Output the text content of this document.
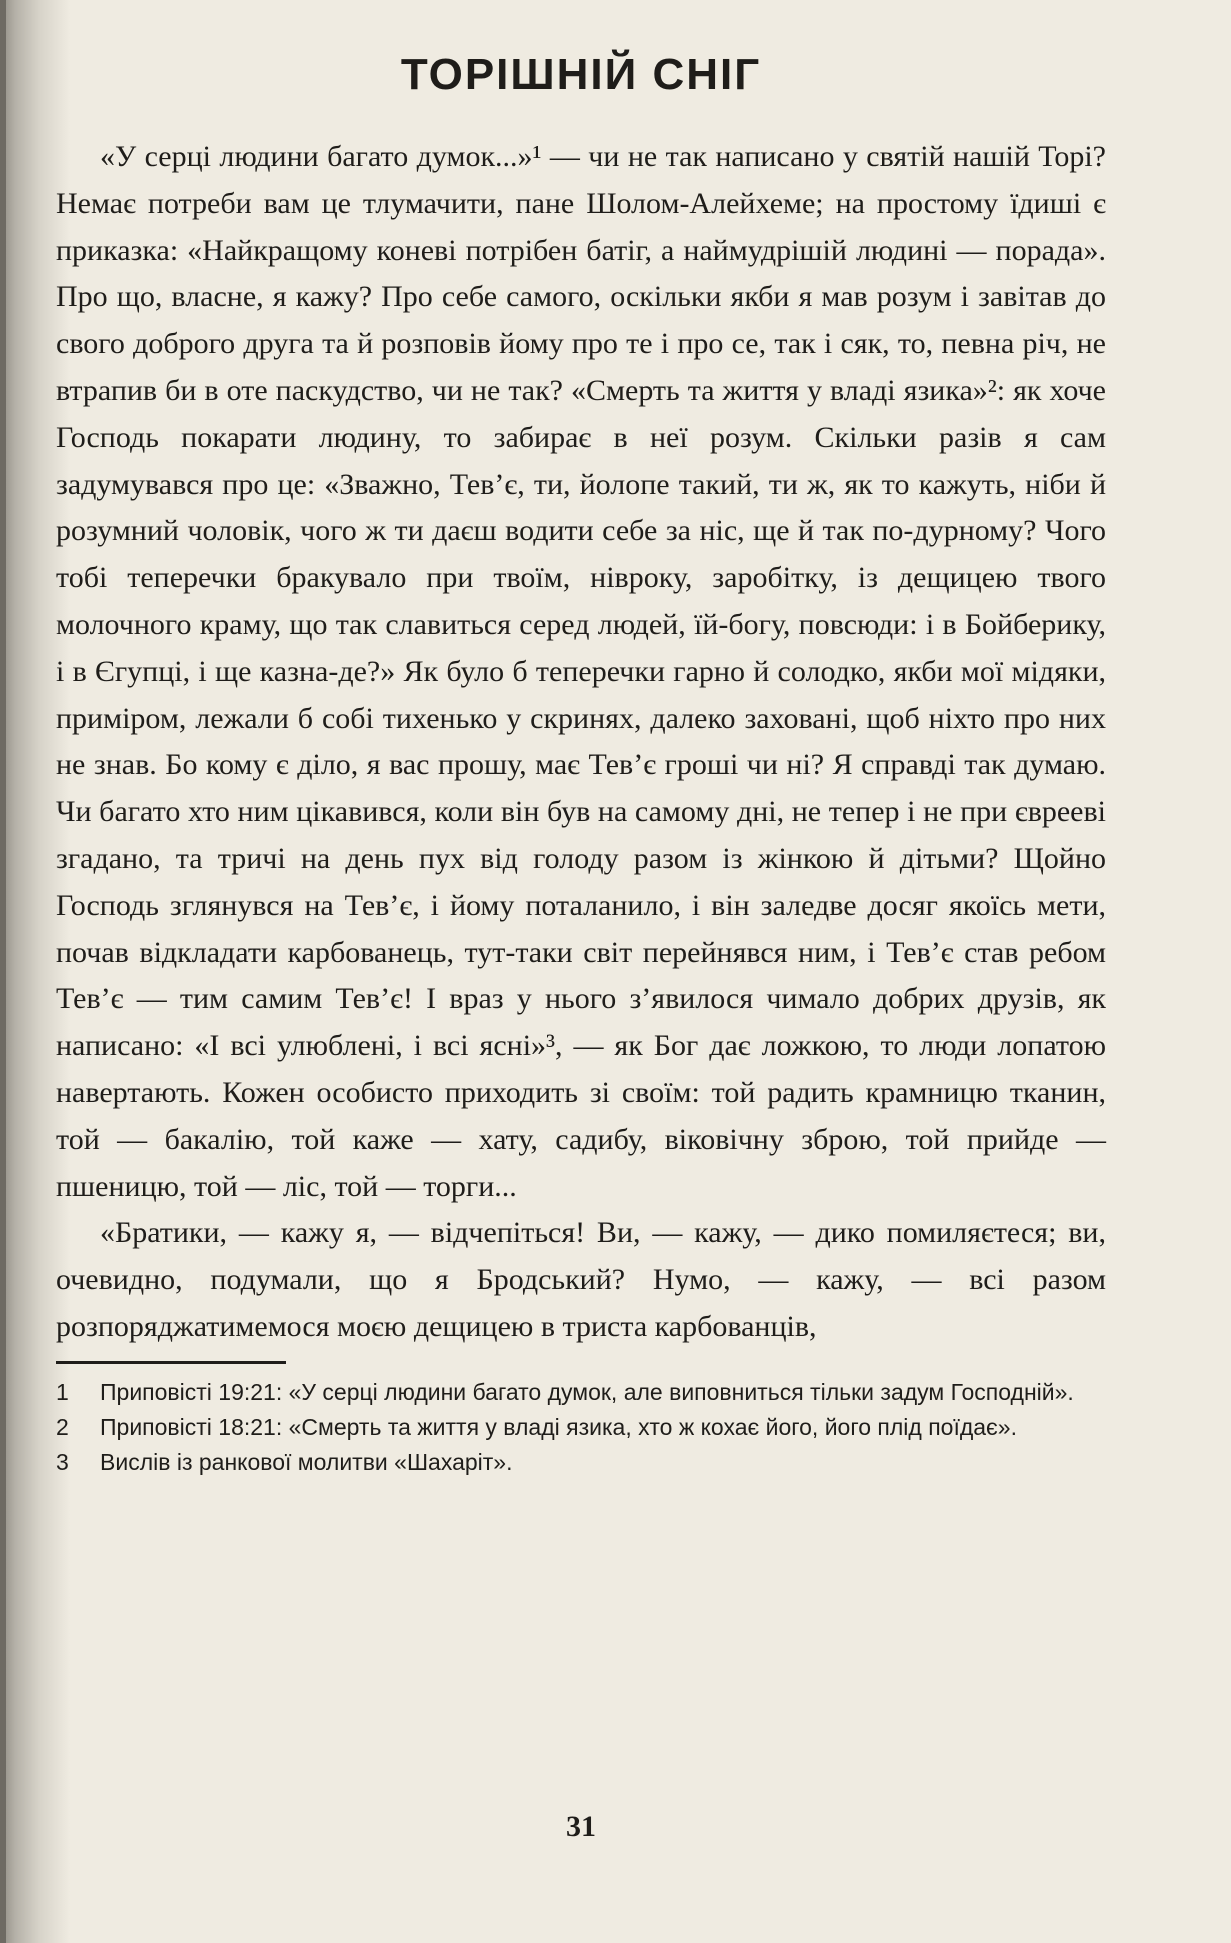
ТОРІШНІЙ СНІГ

«У серці людини багато думок...»¹ — чи не так написано у святій нашій Торі? Немає потреби вам це тлумачити, пане Шолом-Алейхеме; на простому їдиші є приказка: «Найкращому коневі потрібен батіг, а наймудрішій людині — порада». Про що, власне, я кажу? Про себе самого, оскільки якби я мав розум і завітав до свого доброго друга та й розповів йому про те і про се, так і сяк, то, певна річ, не втрапив би в оте паскудство, чи не так? «Смерть та життя у владі язика»²: як хоче Господь покарати людину, то забирає в неї розум. Скільки разів я сам задумувався про це: «Зважно, Тев’є, ти, йолопе такий, ти ж, як то кажуть, ніби й розумний чоловік, чого ж ти даєш водити себе за ніс, ще й так по-дурному? Чого тобі теперечки бракувало при твоїм, нівроку, заробітку, із дещицею твого молочного краму, що так славиться серед людей, їй-богу, повсюди: і в Бойберику, і в Єгупці, і ще казна-де?» Як було б теперечки гарно й солодко, якби мої мідяки, приміром, лежали б собі тихенько у скринях, далеко заховані, щоб ніхто про них не знав. Бо кому є діло, я вас прошу, має Тев’є гроші чи ні? Я справді так думаю. Чи багато хто ним цікавився, коли він був на самому дні, не тепер і не при єврееві згадано, та тричі на день пух від голоду разом із жінкою й дітьми? Щойно Господь зглянувся на Тев’є, і йому поталанило, і він заледве досяг якоїсь мети, почав відкладати карбованець, тут-таки світ перейнявся ним, і Тев’є став ребом Тев’є — тим самим Тев’є! І враз у нього з’явилося чимало добрих друзів, як написано: «І всі улюблені, і всі ясні»³, — як Бог дає ложкою, то люди лопатою навертають. Кожен особисто приходить зі своїм: той радить крамницю тканин, той — бакалію, той каже — хату, садибу, віковічну зброю, той прийде — пшеницю, той — ліс, той — торги...

«Братики, — кажу я, — відчепіться! Ви, — кажу, — дико помиляєтеся; ви, очевидно, подумали, що я Бродський? Нумо, — кажу, — всі разом розпоряджатимемося моєю дещицею в триста карбованців,

1	Приповісті 19:21: «У серці людини багато думок, але виповниться тільки задум Господній».
2	Приповісті 18:21: «Смерть та життя у владі язика, хто ж кохає його, його плід поїдає».
3	Вислів із ранкової молитви «Шахаріт».
31
